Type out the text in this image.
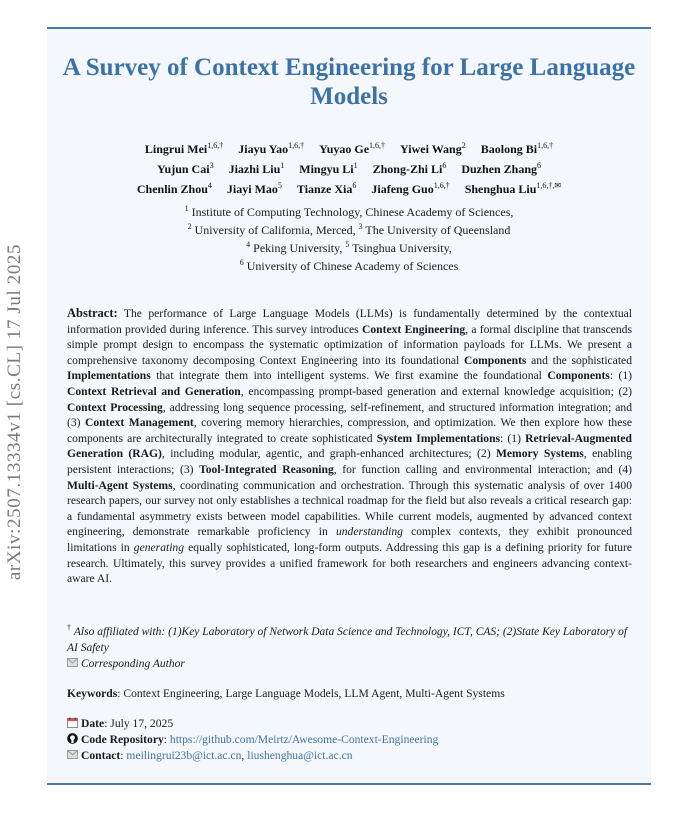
arXiv:2507.13334v1 [cs.CL] 17 Jul 2025
A Survey of Context Engineering for Large Language Models
Lingrui Mei$^{1,6,\dagger}$ Jiayu Yao$^{1,6,\dagger}$ Yuyao $Ge^{1,6,\dagger}$ Yiwei Wang$^2$ Baolong $Bi^{1,6,\dagger}$
Yujun Cai$^3$ Jiazhi Liu$^1$ Mingyu Li$^1$ Zhong-Zhi Li$^6$ Duzhen Zhang$^6$
Chenlin Zhou$^4$ Jiayi Mao$^5$ Tianze Xia$^6$ Jiafeng Guo$^{1,6,\dagger}$ Shenghua Liu$^{1,6,\dagger,✉}$
$^1$ Institute of Computing Technology, Chinese Academy of Sciences,
$^2$ University of California, Merced, $^3$ The University of Queensland
$^4$ Peking University, $^5$ Tsinghua University,
$^6$ University of Chinese Academy of Sciences
Abstract: The performance of Large Language Models (LLMs) is fundamentally determined by the contextual information provided during inference. This survey introduces Context Engineering, a formal discipline that transcends simple prompt design to encompass the systematic optimization of information payloads for LLMs. We present a comprehensive taxonomy decomposing Context Engineering into its foundational Components and the sophisticated Implementations that integrate them into intelligent systems. We first examine the foundational Components: (1) Context Retrieval and Generation, encompassing prompt-based generation and external knowledge acquisition; (2) Context Processing, addressing long sequence processing, self-refinement, and structured information integration; and (3) Context Management, covering memory hierarchies, compression, and optimization. We then explore how these components are architecturally integrated to create sophisticated System Implementations: (1) Retrieval-Augmented Generation (RAG), including modular, agentic, and graph-enhanced architectures; (2) Memory Systems, enabling persistent interactions; (3) Tool-Integrated Reasoning, for function calling and environmental interaction; and (4) Multi-Agent Systems, coordinating communication and orchestration. Through this systematic analysis of over 1400 research papers, our survey not only establishes a technical roadmap for the field but also reveals a critical research gap: a fundamental asymmetry exists between model capabilities. While current models, augmented by advanced context engineering, demonstrate remarkable proficiency in understanding complex contexts, they exhibit pronounced limitations in generating equally sophisticated, long-form outputs. Addressing this gap is a defining priority for future research. Ultimately, this survey provides a unified framework for both researchers and engineers advancing context-aware AI.
† Also affiliated with: (1)Key Laboratory of Network Data Science and Technology, ICT, CAS; (2)State Key Laboratory of AI Safety
Corresponding Author
Keywords: Context Engineering, Large Language Models, LLM Agent, Multi-Agent Systems
Date: July 17, 2025
Code Repository: https://github.com/Meirtz/Awesome-Context-Engineering
Contact: meilingrui23b@ict.ac.cn, liushenghua@ict.ac.cn
